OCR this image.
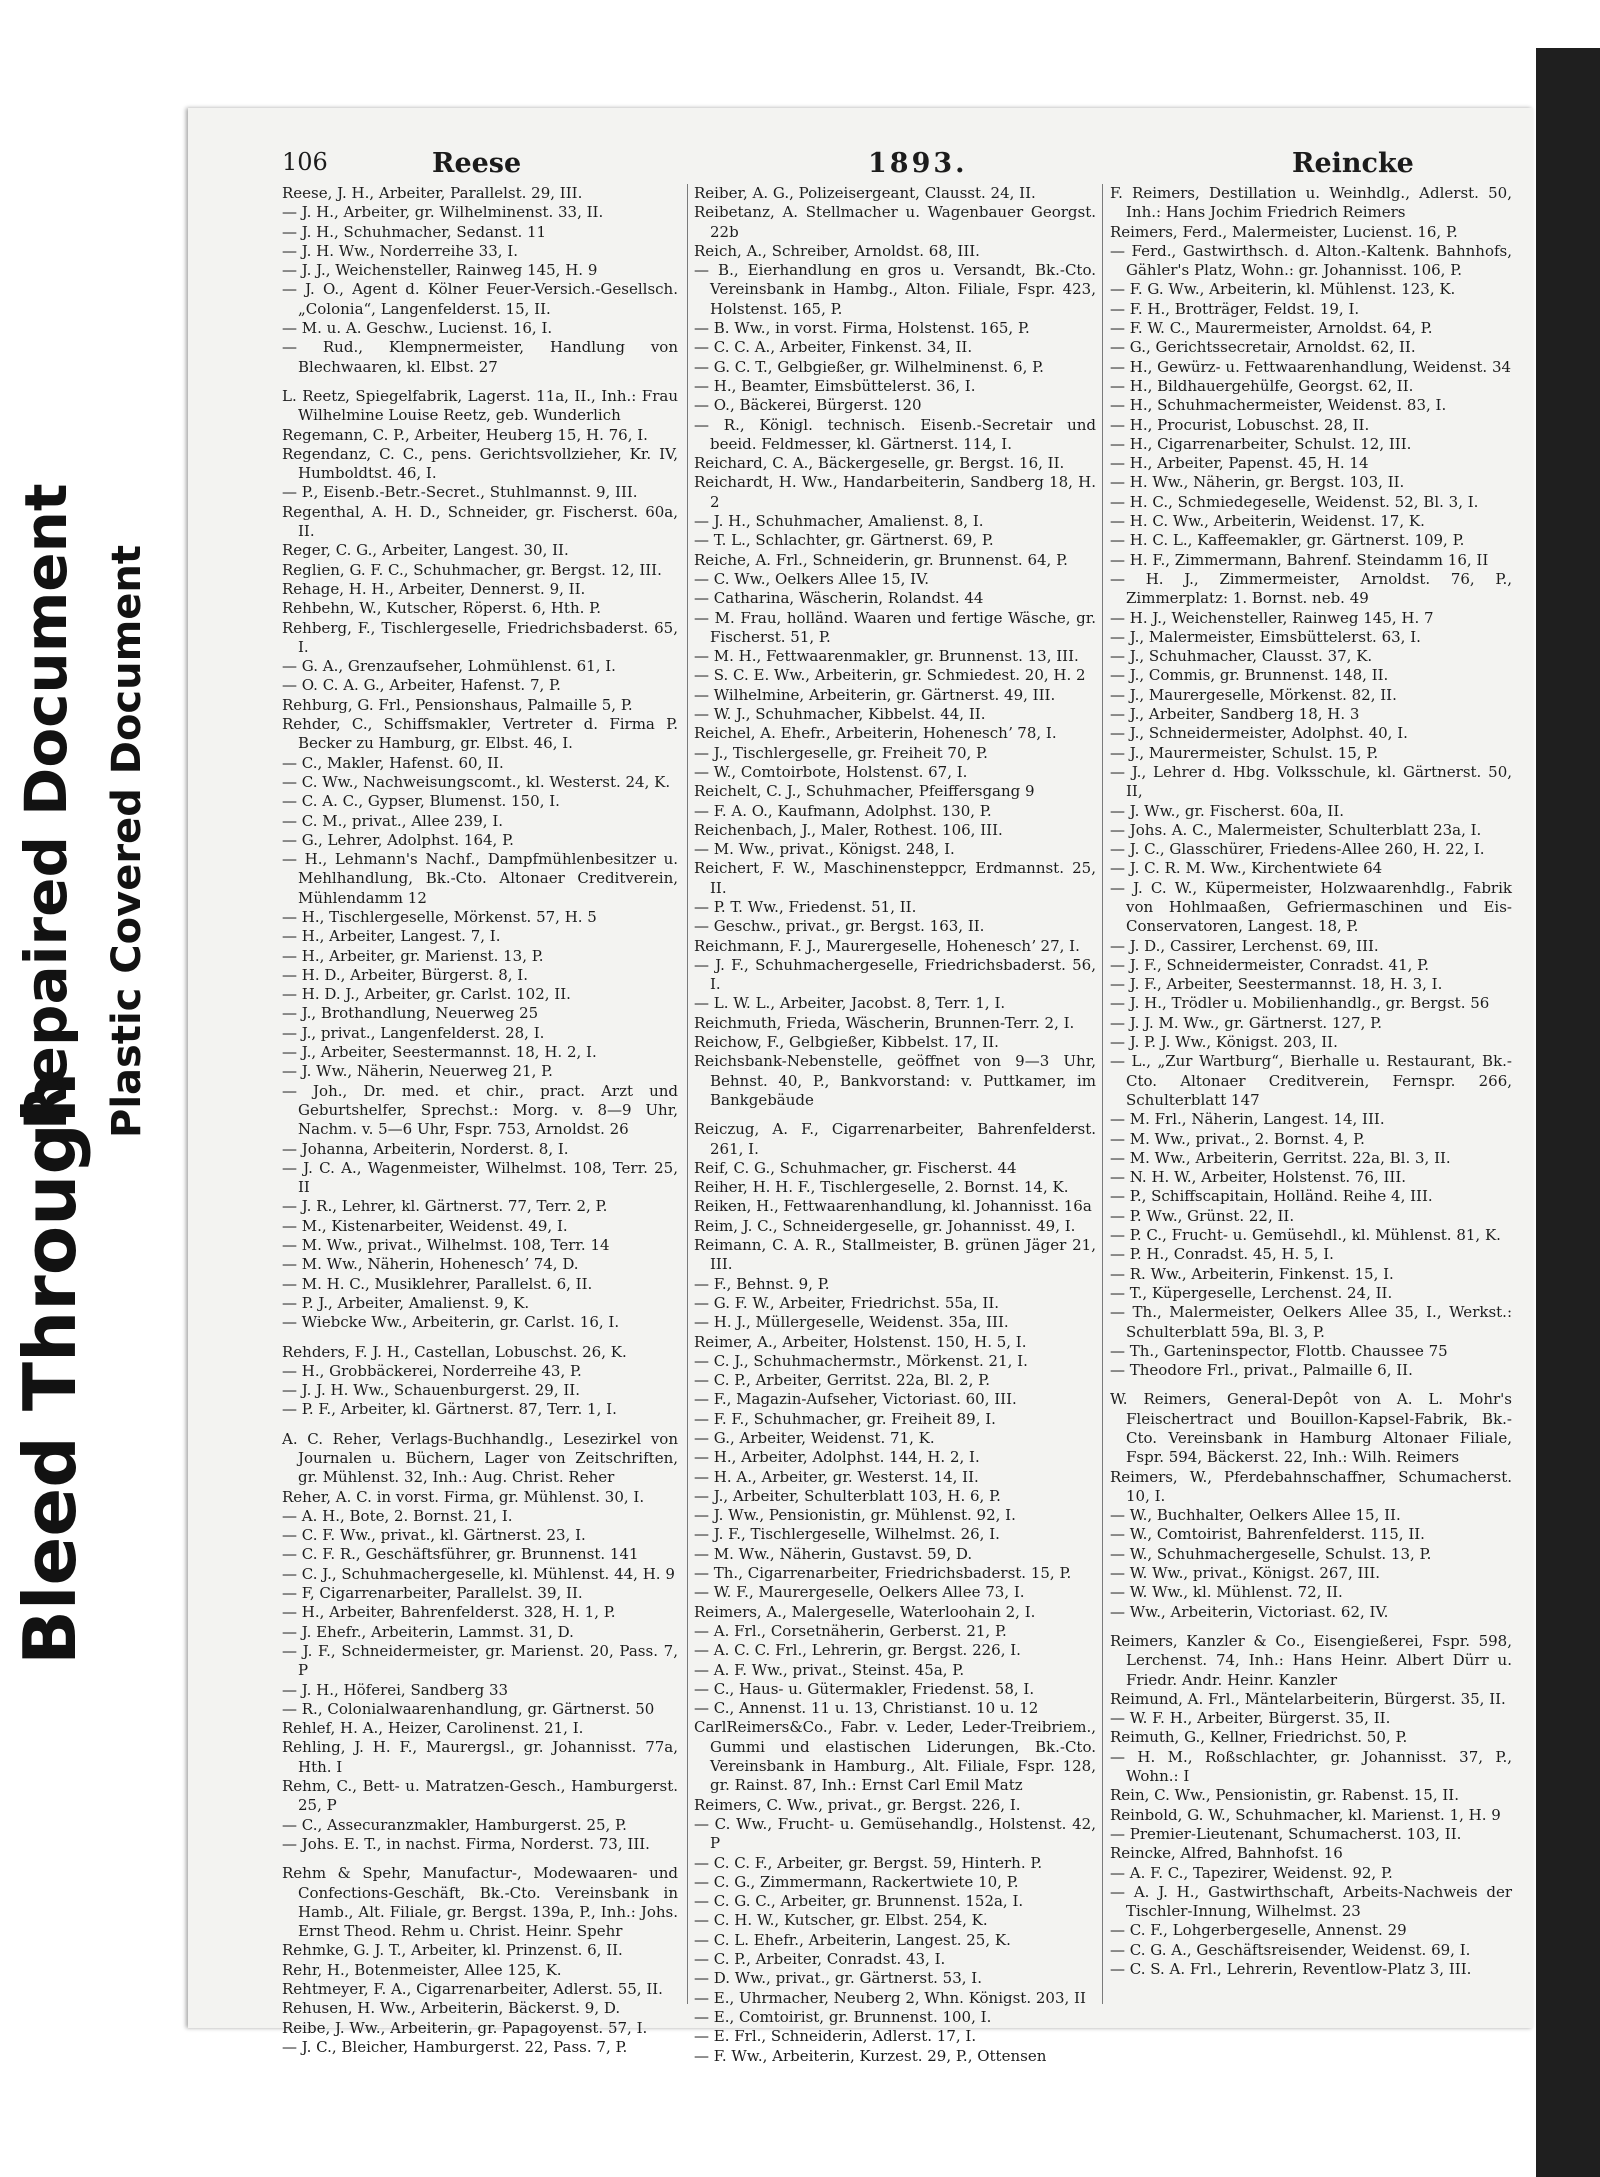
Bleed Through
Repaired Document Plastic Covered Document
106	Reese	1893.	Reincke

Reese, J. H., Arbeiter, Parallelst. 29, III.

— J. H., Arbeiter, gr. Wilhelminenst. 33, II.

— J. H., Schuhmacher, Sedanst. 11

— J. H. Ww., Norderreihe 33, I.

— J. J., Weichensteller, Rainweg 145, H. 9

— J. O., Agent d. Kölner Feuer-Versich.-Gesellsch. „Colonia“, Langenfelderst. 15, II.

— M. u. A. Geschw., Lucienst. 16, I.

— Rud., Klempnermeister, Handlung von Blechwaaren, kl. Elbst. 27

L. Reetz, Spiegelfabrik, Lagerst. 11a, II., Inh.: Frau Wilhelmine Louise Reetz, geb. Wunderlich

Regemann, C. P., Arbeiter, Heuberg 15, H. 76, I.

Regendanz, C. C., pens. Gerichtsvollzieher, Kr. IV, Humboldtst. 46, I.

— P., Eisenb.-Betr.-Secret., Stuhlmannst. 9, III.

Regenthal, A. H. D., Schneider, gr. Fischerst. 60a, II.

Reger, C. G., Arbeiter, Langest. 30, II.

Reglien, G. F. C., Schuhmacher, gr. Bergst. 12, III.

Rehage, H. H., Arbeiter, Dennerst. 9, II.

Rehbehn, W., Kutscher, Röperst. 6, Hth. P.

Rehberg, F., Tischlergeselle, Friedrichsbaderst. 65, I.

— G. A., Grenzaufseher, Lohmühlenst. 61, I.

— O. C. A. G., Arbeiter, Hafenst. 7, P.

Rehburg, G. Frl., Pensionshaus, Palmaille 5, P.

Rehder, C., Schiffsmakler, Vertreter d. Firma P. Becker zu Hamburg, gr. Elbst. 46, I.

— C., Makler, Hafenst. 60, II.

— C. Ww., Nachweisungscomt., kl. Westerst. 24, K.

— C. A. C., Gypser, Blumenst. 150, I.

— C. M., privat., Allee 239, I.

— G., Lehrer, Adolphst. 164, P.

— H., Lehmann's Nachf., Dampfmühlenbesitzer u. Mehlhandlung, Bk.-Cto. Altonaer Creditverein, Mühlendamm 12

— H., Tischlergeselle, Mörkenst. 57, H. 5

— H., Arbeiter, Langest. 7, I.

— H., Arbeiter, gr. Marienst. 13, P.

— H. D., Arbeiter, Bürgerst. 8, I.

— H. D. J., Arbeiter, gr. Carlst. 102, II.

— J., Brothandlung, Neuerweg 25

— J., privat., Langenfelderst. 28, I.

— J., Arbeiter, Seestermannst. 18, H. 2, I.

— J. Ww., Näherin, Neuerweg 21, P.

— Joh., Dr. med. et chir., pract. Arzt und Geburtshelfer, Sprechst.: Morg. v. 8—9 Uhr, Nachm. v. 5—6 Uhr, Fspr. 753, Arnoldst. 26

— Johanna, Arbeiterin, Norderst. 8, I.

— J. C. A., Wagenmeister, Wilhelmst. 108, Terr. 25, II

— J. R., Lehrer, kl. Gärtnerst. 77, Terr. 2, P.

— M., Kistenarbeiter, Weidenst. 49, I.

— M. Ww., privat., Wilhelmst. 108, Terr. 14

— M. Ww., Näherin, Hoheneschʼ 74, D.

— M. H. C., Musiklehrer, Parallelst. 6, II.

— P. J., Arbeiter, Amalienst. 9, K.

— Wiebcke Ww., Arbeiterin, gr. Carlst. 16, I.

Rehders, F. J. H., Castellan, Lobuschst. 26, K.

— H., Grobbäckerei, Norderreihe 43, P.

— J. J. H. Ww., Schauenburgerst. 29, II.

— P. F., Arbeiter, kl. Gärtnerst. 87, Terr. 1, I.

A. C. Reher, Verlags-Buchhandlg., Lesezirkel von Journalen u. Büchern, Lager von Zeitschriften, gr. Mühlenst. 32, Inh.: Aug. Christ. Reher

Reher, A. C. in vorst. Firma, gr. Mühlenst. 30, I.

— A. H., Bote, 2. Bornst. 21, I.

— C. F. Ww., privat., kl. Gärtnerst. 23, I.

— C. F. R., Geschäftsführer, gr. Brunnenst. 141

— C. J., Schuhmachergeselle, kl. Mühlenst. 44, H. 9

— F, Cigarrenarbeiter, Parallelst. 39, II.

— H., Arbeiter, Bahrenfelderst. 328, H. 1, P.

— J. Ehefr., Arbeiterin, Lammst. 31, D.

— J. F., Schneidermeister, gr. Marienst. 20, Pass. 7, P

— J. H., Höferei, Sandberg 33

— R., Colonialwaarenhandlung, gr. Gärtnerst. 50

Rehlef, H. A., Heizer, Carolinenst. 21, I.

Rehling, J. H. F., Maurergsl., gr. Johannisst. 77a, Hth. I

Rehm, C., Bett- u. Matratzen-Gesch., Hamburgerst. 25, P

— C., Assecuranzmakler, Hamburgerst. 25, P.

— Johs. E. T., in nachst. Firma, Norderst. 73, III.

Rehm & Spehr, Manufactur-, Modewaaren- und Confections-Geschäft, Bk.-Cto. Vereinsbank in Hamb., Alt. Filiale, gr. Bergst. 139a, P., Inh.: Johs. Ernst Theod. Rehm u. Christ. Heinr. Spehr

Rehmke, G. J. T., Arbeiter, kl. Prinzenst. 6, II.

Rehr, H., Botenmeister, Allee 125, K.

Rehtmeyer, F. A., Cigarrenarbeiter, Adlerst. 55, II.

Rehusen, H. Ww., Arbeiterin, Bäckerst. 9, D.

Reibe, J. Ww., Arbeiterin, gr. Papagoyenst. 57, I.

— J. C., Bleicher, Hamburgerst. 22, Pass. 7, P.

Reiber, A. G., Polizeisergeant, Clausst. 24, II.

Reibetanz, A. Stellmacher u. Wagenbauer Georgst. 22b

Reich, A., Schreiber, Arnoldst. 68, III.

— B., Eierhandlung en gros u. Versandt, Bk.-Cto. Vereinsbank in Hambg., Alton. Filiale, Fspr. 423, Holstenst. 165, P.

— B. Ww., in vorst. Firma, Holstenst. 165, P.

— C. C. A., Arbeiter, Finkenst. 34, II.

— G. C. T., Gelbgießer, gr. Wilhelminenst. 6, P.

— H., Beamter, Eimsbüttelerst. 36, I.

— O., Bäckerei, Bürgerst. 120

— R., Königl. technisch. Eisenb.-Secretair und beeid. Feldmesser, kl. Gärtnerst. 114, I.

Reichard, C. A., Bäckergeselle, gr. Bergst. 16, II.

Reichardt, H. Ww., Handarbeiterin, Sandberg 18, H. 2

— J. H., Schuhmacher, Amalienst. 8, I.

— T. L., Schlachter, gr. Gärtnerst. 69, P.

Reiche, A. Frl., Schneiderin, gr. Brunnenst. 64, P.

— C. Ww., Oelkers Allee 15, IV.

— Catharina, Wäscherin, Rolandst. 44

— M. Frau, holländ. Waaren und fertige Wäsche, gr. Fischerst. 51, P.

— M. H., Fettwaarenmakler, gr. Brunnenst. 13, III.

— S. C. E. Ww., Arbeiterin, gr. Schmiedest. 20, H. 2

— Wilhelmine, Arbeiterin, gr. Gärtnerst. 49, III.

— W. J., Schuhmacher, Kibbelst. 44, II.

Reichel, A. Ehefr., Arbeiterin, Hoheneschʼ 78, I.

— J., Tischlergeselle, gr. Freiheit 70, P.

— W., Comtoirbote, Holstenst. 67, I.

Reichelt, C. J., Schuhmacher, Pfeiffersgang 9

— F. A. O., Kaufmann, Adolphst. 130, P.

Reichenbach, J., Maler, Rothest. 106, III.

— M. Ww., privat., Königst. 248, I.

Reichert, F. W., Maschinensteppcr, Erdmannst. 25, II.

— P. T. Ww., Friedenst. 51, II.

— Geschw., privat., gr. Bergst. 163, II.

Reichmann, F. J., Maurergeselle, Hoheneschʼ 27, I.

— J. F., Schuhmachergeselle, Friedrichsbaderst. 56, I.

— L. W. L., Arbeiter, Jacobst. 8, Terr. 1, I.

Reichmuth, Frieda, Wäscherin, Brunnen-Terr. 2, I.

Reichow, F., Gelbgießer, Kibbelst. 17, II.

Reichsbank-Nebenstelle, geöffnet von 9—3 Uhr, Behnst. 40, P., Bankvorstand: v. Puttkamer, im Bankgebäude

Reiczug, A. F., Cigarrenarbeiter, Bahrenfelderst. 261, I.

Reif, C. G., Schuhmacher, gr. Fischerst. 44

Reiher, H. H. F., Tischlergeselle, 2. Bornst. 14, K.

Reiken, H., Fettwaarenhandlung, kl. Johannisst. 16a

Reim, J. C., Schneidergeselle, gr. Johannisst. 49, I.

Reimann, C. A. R., Stallmeister, B. grünen Jäger 21, III.

— F., Behnst. 9, P.

— G. F. W., Arbeiter, Friedrichst. 55a, II.

— H. J., Müllergeselle, Weidenst. 35a, III.

Reimer, A., Arbeiter, Holstenst. 150, H. 5, I.

— C. J., Schuhmachermstr., Mörkenst. 21, I.

— C. P., Arbeiter, Gerritst. 22a, Bl. 2, P.

— F., Magazin-Aufseher, Victoriast. 60, III.

— F. F., Schuhmacher, gr. Freiheit 89, I.

— G., Arbeiter, Weidenst. 71, K.

— H., Arbeiter, Adolphst. 144, H. 2, I.

— H. A., Arbeiter, gr. Westerst. 14, II.

— J., Arbeiter, Schulterblatt 103, H. 6, P.

— J. Ww., Pensionistin, gr. Mühlenst. 92, I.

— J. F., Tischlergeselle, Wilhelmst. 26, I.

— M. Ww., Näherin, Gustavst. 59, D.

— Th., Cigarrenarbeiter, Friedrichsbaderst. 15, P.

— W. F., Maurergeselle, Oelkers Allee 73, I.

Reimers, A., Malergeselle, Waterloohain 2, I.

— A. Frl., Corsetnäherin, Gerberst. 21, P.

— A. C. C. Frl., Lehrerin, gr. Bergst. 226, I.

— A. F. Ww., privat., Steinst. 45a, P.

— C., Haus- u. Gütermakler, Friedenst. 58, I.

— C., Annenst. 11 u. 13, Christianst. 10 u. 12

CarlReimers&Co., Fabr. v. Leder, Leder-Treibriem., Gummi und elastischen Liderungen, Bk.-Cto. Vereinsbank in Hamburg., Alt. Filiale, Fspr. 128, gr. Rainst. 87, Inh.: Ernst Carl Emil Matz

Reimers, C. Ww., privat., gr. Bergst. 226, I.

— C. Ww., Frucht- u. Gemüsehandlg., Holstenst. 42, P

— C. C. F., Arbeiter, gr. Bergst. 59, Hinterh. P.

— C. G., Zimmermann, Rackertwiete 10, P.

— C. G. C., Arbeiter, gr. Brunnenst. 152a, I.

— C. H. W., Kutscher, gr. Elbst. 254, K.

— C. L. Ehefr., Arbeiterin, Langest. 25, K.

— C. P., Arbeiter, Conradst. 43, I.

— D. Ww., privat., gr. Gärtnerst. 53, I.

— E., Uhrmacher, Neuberg 2, Whn. Königst. 203, II

— E., Comtoirist, gr. Brunnenst. 100, I.

— E. Frl., Schneiderin, Adlerst. 17, I.

— F. Ww., Arbeiterin, Kurzest. 29, P., Ottensen

F. Reimers, Destillation u. Weinhdlg., Adlerst. 50, Inh.: Hans Jochim Friedrich Reimers

Reimers, Ferd., Malermeister, Lucienst. 16, P.

— Ferd., Gastwirthsch. d. Alton.-Kaltenk. Bahnhofs, Gähler's Platz, Wohn.: gr. Johannisst. 106, P.

— F. G. Ww., Arbeiterin, kl. Mühlenst. 123, K.

— F. H., Brotträger, Feldst. 19, I.

— F. W. C., Maurermeister, Arnoldst. 64, P.

— G., Gerichtssecretair, Arnoldst. 62, II.

— H., Gewürz- u. Fettwaarenhandlung, Weidenst. 34

— H., Bildhauergehülfe, Georgst. 62, II.

— H., Schuhmachermeister, Weidenst. 83, I.

— H., Procurist, Lobuschst. 28, II.

— H., Cigarrenarbeiter, Schulst. 12, III.

— H., Arbeiter, Papenst. 45, H. 14

— H. Ww., Näherin, gr. Bergst. 103, II.

— H. C., Schmiedegeselle, Weidenst. 52, Bl. 3, I.

— H. C. Ww., Arbeiterin, Weidenst. 17, K.

— H. C. L., Kaffeemakler, gr. Gärtnerst. 109, P.

— H. F., Zimmermann, Bahrenf. Steindamm 16, II

— H. J., Zimmermeister, Arnoldst. 76, P., Zimmerplatz: 1. Bornst. neb. 49

— H. J., Weichensteller, Rainweg 145, H. 7

— J., Malermeister, Eimsbüttelerst. 63, I.

— J., Schuhmacher, Clausst. 37, K.

— J., Commis, gr. Brunnenst. 148, II.

— J., Maurergeselle, Mörkenst. 82, II.

— J., Arbeiter, Sandberg 18, H. 3

— J., Schneidermeister, Adolphst. 40, I.

— J., Maurermeister, Schulst. 15, P.

— J., Lehrer d. Hbg. Volksschule, kl. Gärtnerst. 50, II,

— J. Ww., gr. Fischerst. 60a, II.

— Johs. A. C., Malermeister, Schulterblatt 23a, I.

— J. C., Glasschürer, Friedens-Allee 260, H. 22, I.

— J. C. R. M. Ww., Kirchentwiete 64

— J. C. W., Küpermeister, Holzwaarenhdlg., Fabrik von Hohlmaaßen, Gefriermaschinen und Eis-Conservatoren, Langest. 18, P.

— J. D., Cassirer, Lerchenst. 69, III.

— J. F., Schneidermeister, Conradst. 41, P.

— J. F., Arbeiter, Seestermannst. 18, H. 3, I.

— J. H., Trödler u. Mobilienhandlg., gr. Bergst. 56

— J. J. M. Ww., gr. Gärtnerst. 127, P.

— J. P. J. Ww., Königst. 203, II.

— L., „Zur Wartburg“, Bierhalle u. Restaurant, Bk.-Cto. Altonaer Creditverein, Fernspr. 266, Schulterblatt 147

— M. Frl., Näherin, Langest. 14, III.

— M. Ww., privat., 2. Bornst. 4, P.

— M. Ww., Arbeiterin, Gerritst. 22a, Bl. 3, II.

— N. H. W., Arbeiter, Holstenst. 76, III.

— P., Schiffscapitain, Holländ. Reihe 4, III.

— P. Ww., Grünst. 22, II.

— P. C., Frucht- u. Gemüsehdl., kl. Mühlenst. 81, K.

— P. H., Conradst. 45, H. 5, I.

— R. Ww., Arbeiterin, Finkenst. 15, I.

— T., Küpergeselle, Lerchenst. 24, II.

— Th., Malermeister, Oelkers Allee 35, I., Werkst.: Schulterblatt 59a, Bl. 3, P.

— Th., Garteninspector, Flottb. Chaussee 75

— Theodore Frl., privat., Palmaille 6, II.

W. Reimers, General-Depôt von A. L. Mohr's Fleischertract und Bouillon-Kapsel-Fabrik, Bk.-Cto. Vereinsbank in Hamburg Altonaer Filiale, Fspr. 594, Bäckerst. 22, Inh.: Wilh. Reimers

Reimers, W., Pferdebahnschaffner, Schumacherst. 10, I.

— W., Buchhalter, Oelkers Allee 15, II.

— W., Comtoirist, Bahrenfelderst. 115, II.

— W., Schuhmachergeselle, Schulst. 13, P.

— W. Ww., privat., Königst. 267, III.

— W. Ww., kl. Mühlenst. 72, II.

— Ww., Arbeiterin, Victoriast. 62, IV.

Reimers, Kanzler & Co., Eisengießerei, Fspr. 598, Lerchenst. 74, Inh.: Hans Heinr. Albert Dürr u. Friedr. Andr. Heinr. Kanzler

Reimund, A. Frl., Mäntelarbeiterin, Bürgerst. 35, II.

— W. F. H., Arbeiter, Bürgerst. 35, II.

Reimuth, G., Kellner, Friedrichst. 50, P.

— H. M., Roßschlachter, gr. Johannisst. 37, P., Wohn.: I

Rein, C. Ww., Pensionistin, gr. Rabenst. 15, II.

Reinbold, G. W., Schuhmacher, kl. Marienst. 1, H. 9

— Premier-Lieutenant, Schumacherst. 103, II.

Reincke, Alfred, Bahnhofst. 16

— A. F. C., Tapezirer, Weidenst. 92, P.

— A. J. H., Gastwirthschaft, Arbeits-Nachweis der Tischler-Innung, Wilhelmst. 23

— C. F., Lohgerbergeselle, Annenst. 29

— C. G. A., Geschäftsreisender, Weidenst. 69, I.

— C. S. A. Frl., Lehrerin, Reventlow-Platz 3, III.
